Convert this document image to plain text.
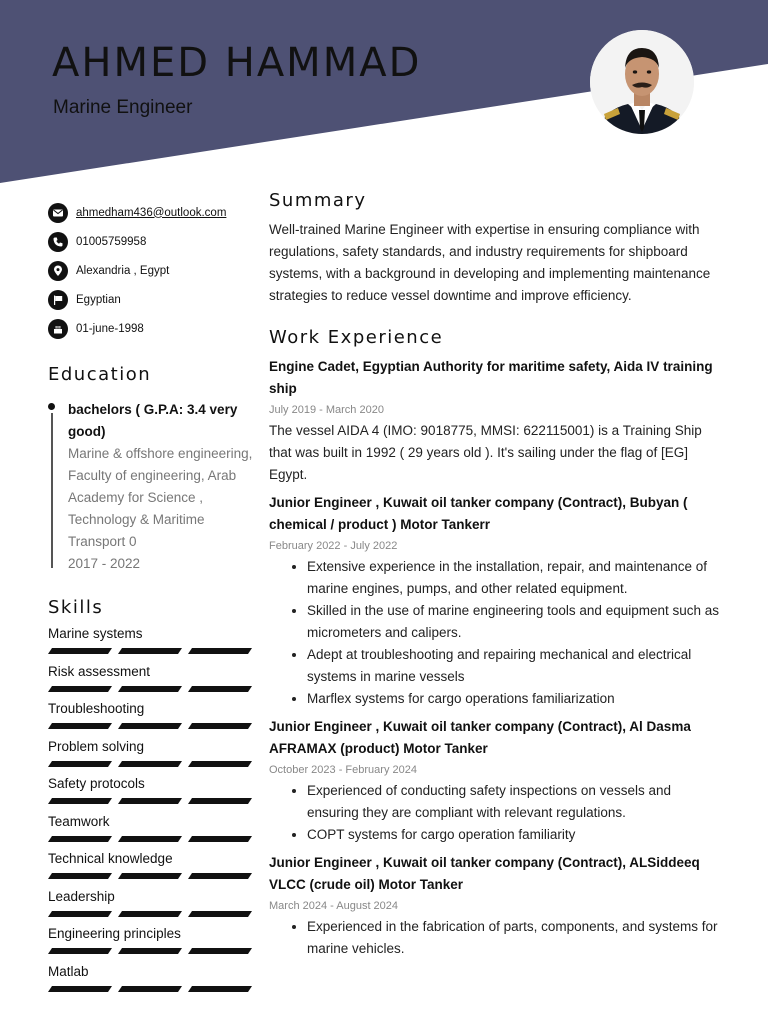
AHMED HAMMAD
Marine Engineer
ahmedham436@outlook.com
01005759958
Alexandria , Egypt
Egyptian
01-june-1998
Education
bachelors ( G.P.A: 3.4 very good)
Marine & offshore engineering, Faculty of engineering, Arab Academy for Science , Technology & Maritime Transport 0
2017 - 2022
Skills
Marine systems
Risk assessment
Troubleshooting
Problem solving
Safety protocols
Teamwork
Technical knowledge
Leadership
Engineering principles
Matlab
Summary

Well-trained Marine Engineer with expertise in ensuring compliance with regulations, safety standards, and industry requirements for shipboard systems, with a background in developing and implementing maintenance strategies to reduce vessel downtime and improve efficiency.

Work Experience
Engine Cadet, Egyptian Authority for maritime safety, Aida IV training ship
July 2019 - March 2020

The vessel AIDA 4 (IMO: 9018775, MMSI: 622115001) is a Training Ship that was built in 1992 ( 29 years old ). It's sailing under the flag of [EG] Egypt.

Junior Engineer , Kuwait oil tanker company (Contract), Bubyan ( chemical / product ) Motor Tankerr
February 2022 - July 2022
• Extensive experience in the installation, repair, and maintenance of marine engines, pumps, and other related equipment.
• Skilled in the use of marine engineering tools and equipment such as micrometers and calipers.
• Adept at troubleshooting and repairing mechanical and electrical systems in marine vessels
• Marflex systems for cargo operations familiarization
Junior Engineer , Kuwait oil tanker company (Contract), Al Dasma AFRAMAX (product) Motor Tanker
October 2023 - February 2024
• Experienced of conducting safety inspections on vessels and ensuring they are compliant with relevant regulations.
• COPT systems for cargo operation familiarity
Junior Engineer , Kuwait oil tanker company (Contract), ALSiddeeq VLCC (crude oil) Motor Tanker
March 2024 - August 2024
• Experienced in the fabrication of parts, components, and systems for marine vehicles.
